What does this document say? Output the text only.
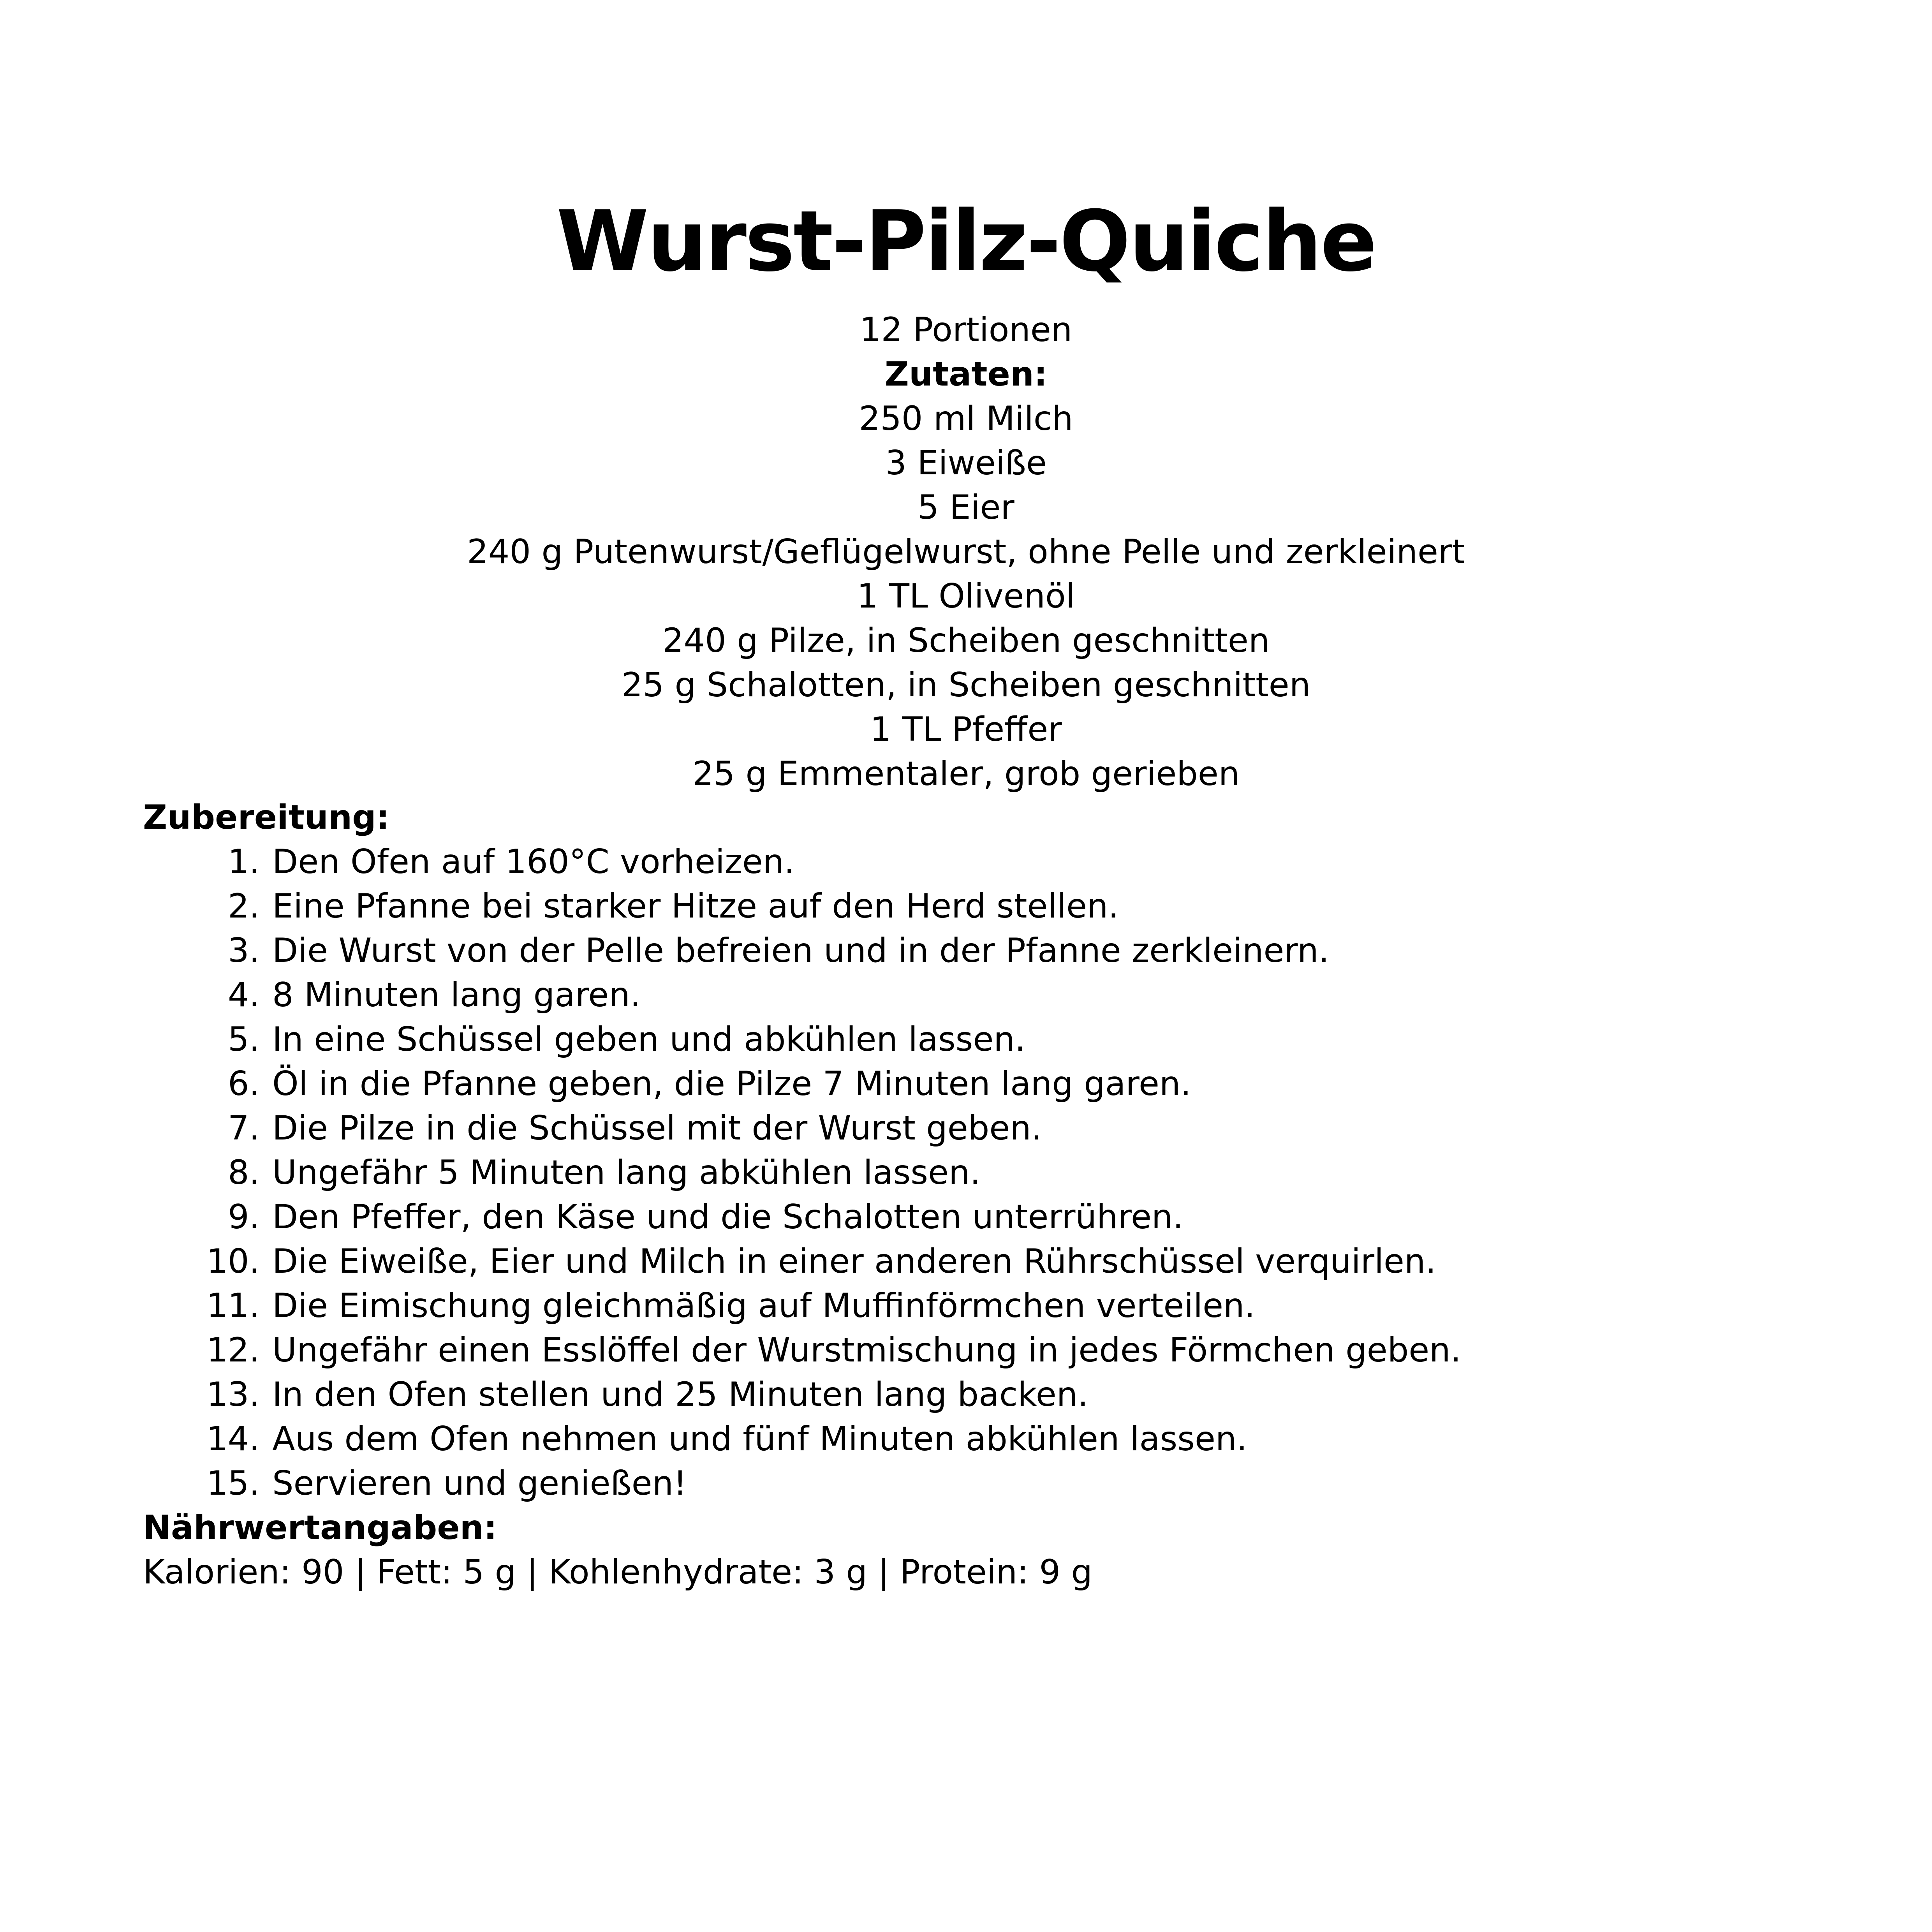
Wurst-Pilz-Quiche
12 Portionen
Zutaten:
250 ml Milch
3 Eiweiße
5 Eier
240 g Putenwurst/Geflügelwurst, ohne Pelle und zerkleinert
1 TL Olivenöl
240 g Pilze, in Scheiben geschnitten
25 g Schalotten, in Scheiben geschnitten
1 TL Pfeffer
25 g Emmentaler, grob gerieben
Zubereitung:
1. Den Ofen auf 160°C vorheizen.
2. Eine Pfanne bei starker Hitze auf den Herd stellen.
3. Die Wurst von der Pelle befreien und in der Pfanne zerkleinern.
4. 8 Minuten lang garen.
5. In eine Schüssel geben und abkühlen lassen.
6. Öl in die Pfanne geben, die Pilze 7 Minuten lang garen.
7. Die Pilze in die Schüssel mit der Wurst geben.
8. Ungefähr 5 Minuten lang abkühlen lassen.
9. Den Pfeffer, den Käse und die Schalotten unterrühren.
10. Die Eiweiße, Eier und Milch in einer anderen Rührschüssel verquirlen.
11. Die Eimischung gleichmäßig auf Muffinförmchen verteilen.
12. Ungefähr einen Esslöffel der Wurstmischung in jedes Förmchen geben.
13. In den Ofen stellen und 25 Minuten lang backen.
14. Aus dem Ofen nehmen und fünf Minuten abkühlen lassen.
15. Servieren und genießen!
Nährwertangaben:
Kalorien: 90 | Fett: 5 g | Kohlenhydrate: 3 g | Protein: 9 g
